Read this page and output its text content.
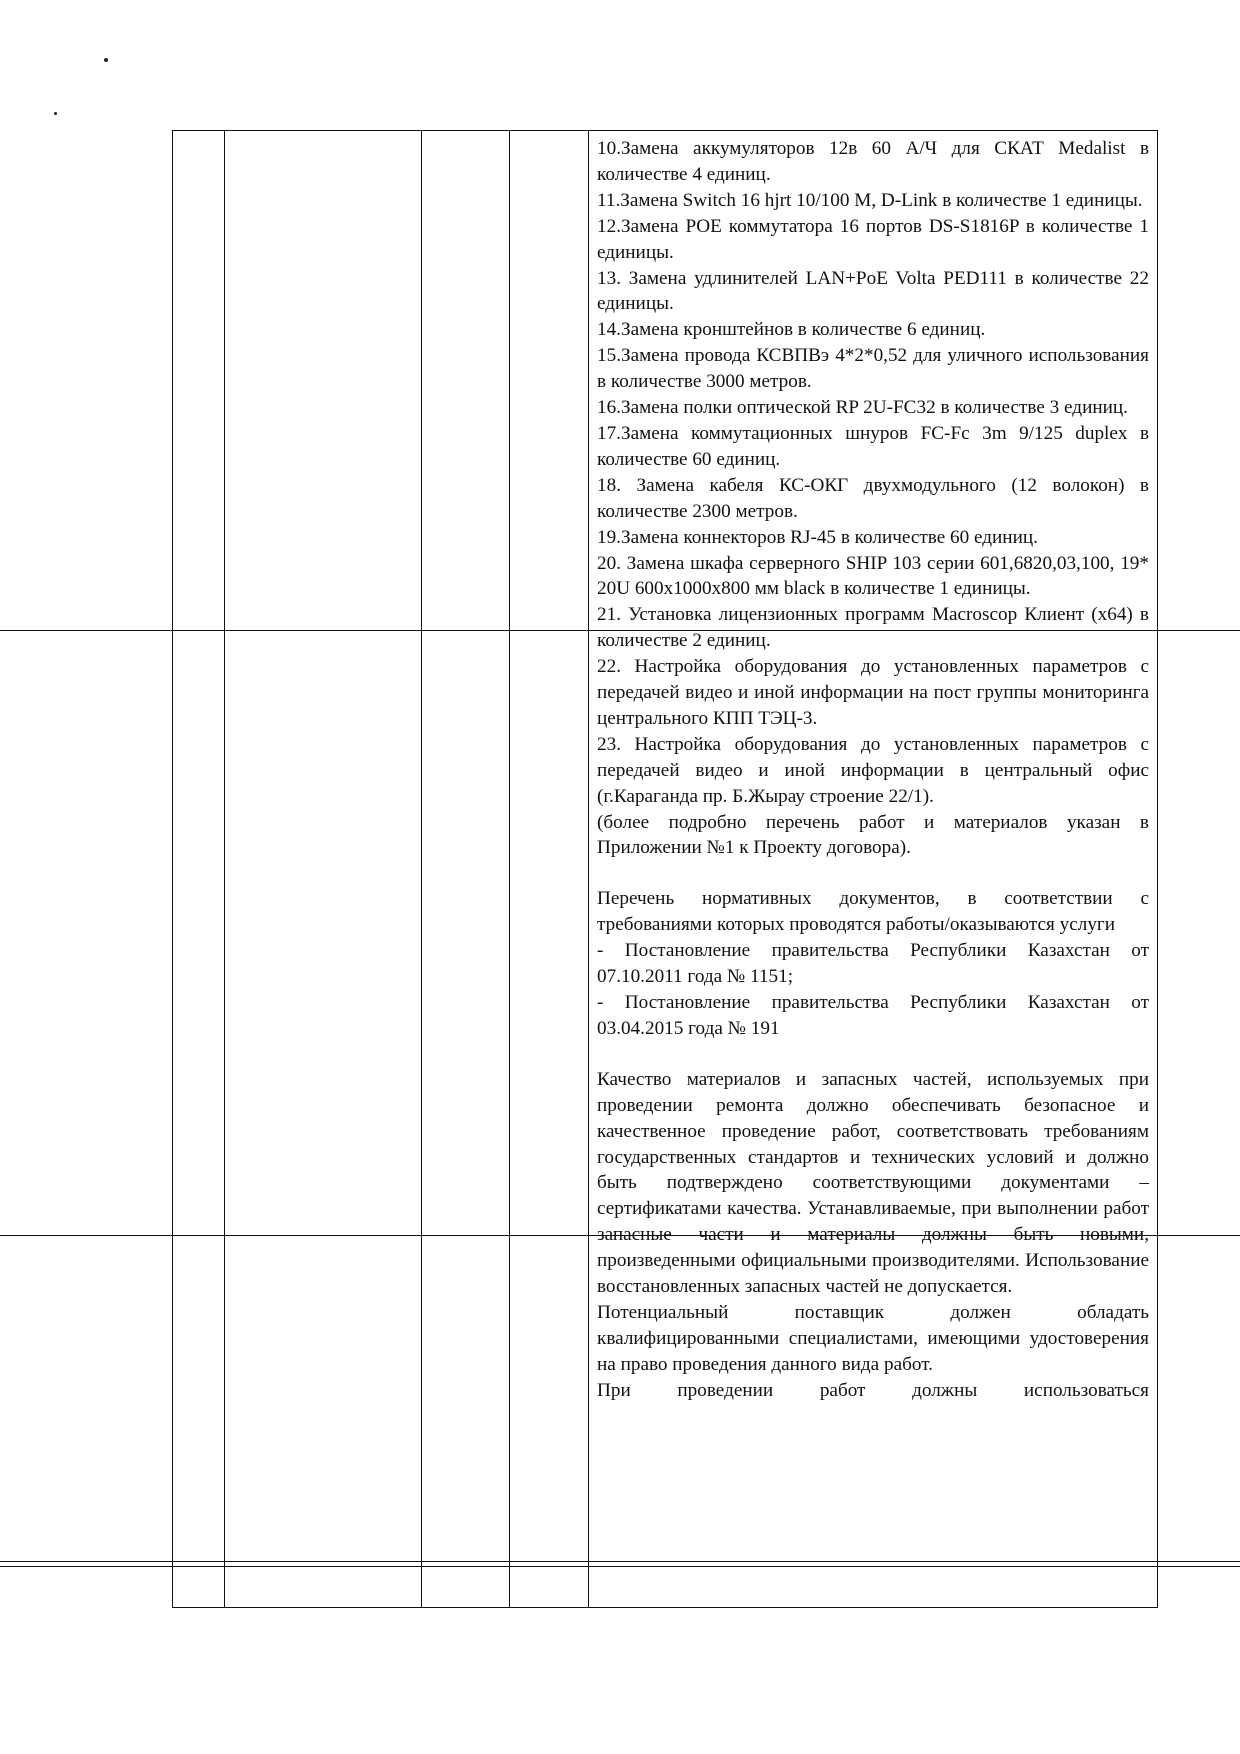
10.Замена аккумуляторов 12в 60 А/Ч для СКАТ Medalist в количестве 4 единиц.

11.Замена Switch 16 hjrt 10/100 M, D-Link в количестве 1 единицы.

12.Замена POE коммутатора 16 портов DS-S1816P в количестве 1 единицы.

13. Замена удлинителей LAN+PoE Volta PED111 в количестве 22 единицы.

14.Замена кронштейнов в количестве 6 единиц.

15.Замена провода КСВПВэ 4*2*0,52 для уличного использования в количестве 3000 метров.

16.Замена полки оптической RP 2U-FC32 в количестве 3 единиц.

17.Замена коммутационных шнуров FC-Fc 3m 9/125 duplex в количестве 60 единиц.

18. Замена кабеля КС-ОКГ двухмодульного (12 волокон) в количестве 2300 метров.

19.Замена коннекторов RJ-45 в количестве 60 единиц.

20. Замена шкафа серверного SHIP 103 серии 601,6820,03,100, 19* 20U 600x1000x800 мм black в количестве 1 единицы.

21. Установка лицензионных программ Macroscop Клиент (x64) в количестве 2 единиц.

22. Настройка оборудования до установленных параметров с передачей видео и иной информации на пост группы мониторинга центрального КПП ТЭЦ-3.

23. Настройка оборудования до установленных параметров с передачей видео и иной информации в центральный офис (г.Караганда пр. Б.Жырау строение 22/1).

(более подробно перечень работ и материалов указан в Приложении №1 к Проекту договора).

Перечень нормативных документов, в соответствии с требованиями которых проводятся работы/оказываются услуги

- Постановление правительства Республики Казахстан от 07.10.2011 года № 1151;

- Постановление правительства Республики Казахстан от 03.04.2015 года № 191

Качество материалов и запасных частей, используемых при проведении ремонта должно обеспечивать безопасное и качественное проведение работ, соответствовать требованиям государственных стандартов и технических условий и должно быть подтверждено соответствующими документами – сертификатами качества. Устанавливаемые, при выполнении работ запасные части и материалы должны быть новыми, произведенными официальными производителями. Использование восстановленных запасных частей не допускается.

Потенциальный поставщик должен обладать квалифицированными специалистами, имеющими удостоверения на право проведения данного вида работ.

При проведении работ должны использоваться
